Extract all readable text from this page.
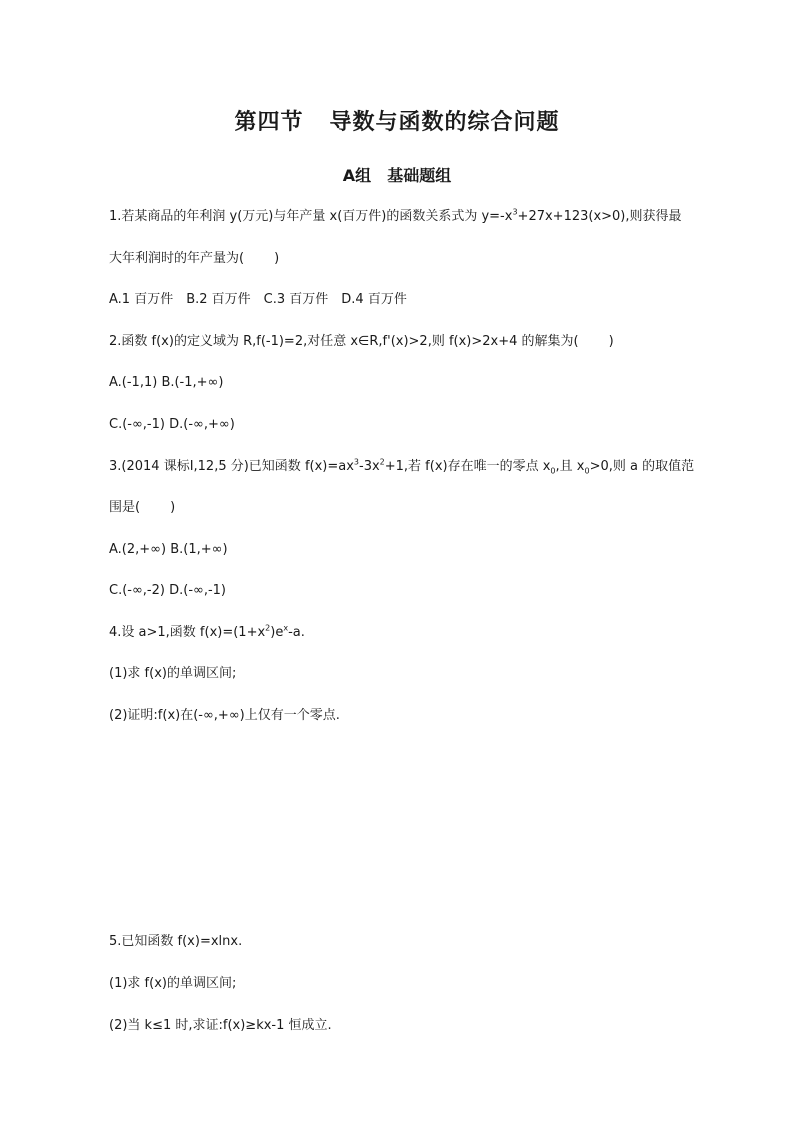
第四节 导数与函数的综合问题
A组 基础题组
1.若某商品的年利润 y(万元)与年产量 x(百万件)的函数关系式为 $y=-x^3+27x+123(x>0)$,则获得最
大年利润时的年产量为( )
A.1 百万件　B.2 百万件　C.3 百万件　D.4 百万件
2.函数 f(x)的定义域为 R,f(-1)=2,对任意 x∈R,f'(x)>2,则 f(x)>2x+4 的解集为( )
A.(-1,1) B.(-1,+∞)
C.(-∞,-1) D.(-∞,+∞)
3.(2014 课标Ⅰ,12,5 分)已知函数 $f(x)=ax^3-3x^2+1$,若 f(x)存在唯一的零点 $x_0$,且 $x_0>0$,则 a 的取值范
围是( )
A.(2,+∞) B.(1,+∞)
C.(-∞,-2) D.(-∞,-1)
4.设 a>1,函数 $f(x)=(1+x^2)e^x-a$.
(1)求 f(x)的单调区间;
(2)证明:f(x)在(-∞,+∞)上仅有一个零点.
5.已知函数 f(x)=xlnx.
(1)求 f(x)的单调区间;
(2)当 k≤1 时,求证:f(x)≥kx-1 恒成立.
